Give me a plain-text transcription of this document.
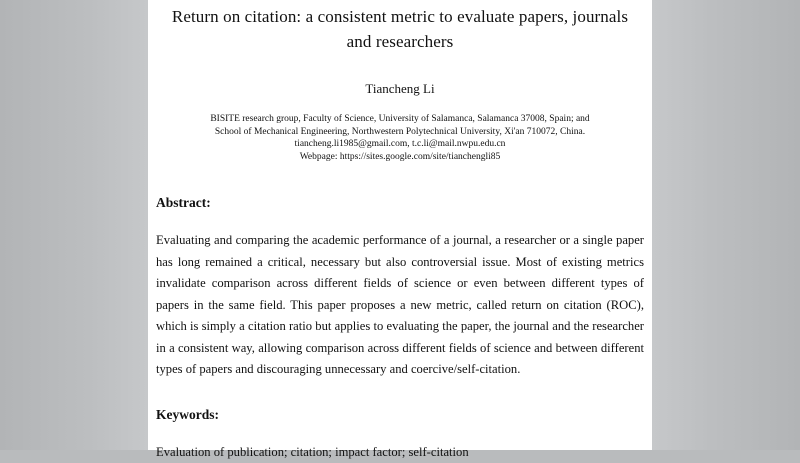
Return on citation: a consistent metric to evaluate papers, journals and researchers
Tiancheng Li
BISITE research group, Faculty of Science, University of Salamanca, Salamanca 37008, Spain; and
School of Mechanical Engineering, Northwestern Polytechnical University, Xi'an 710072, China.
tiancheng.li1985@gmail.com, t.c.li@mail.nwpu.edu.cn
Webpage: https://sites.google.com/site/tianchengli85
Abstract:
Evaluating and comparing the academic performance of a journal, a researcher or a single paper has long remained a critical, necessary but also controversial issue. Most of existing metrics invalidate comparison across different fields of science or even between different types of papers in the same field. This paper proposes a new metric, called return on citation (ROC), which is simply a citation ratio but applies to evaluating the paper, the journal and the researcher in a consistent way, allowing comparison across different fields of science and between different types of papers and discouraging unnecessary and coercive/self-citation.
Keywords:
Evaluation of publication; citation; impact factor; self-citation
